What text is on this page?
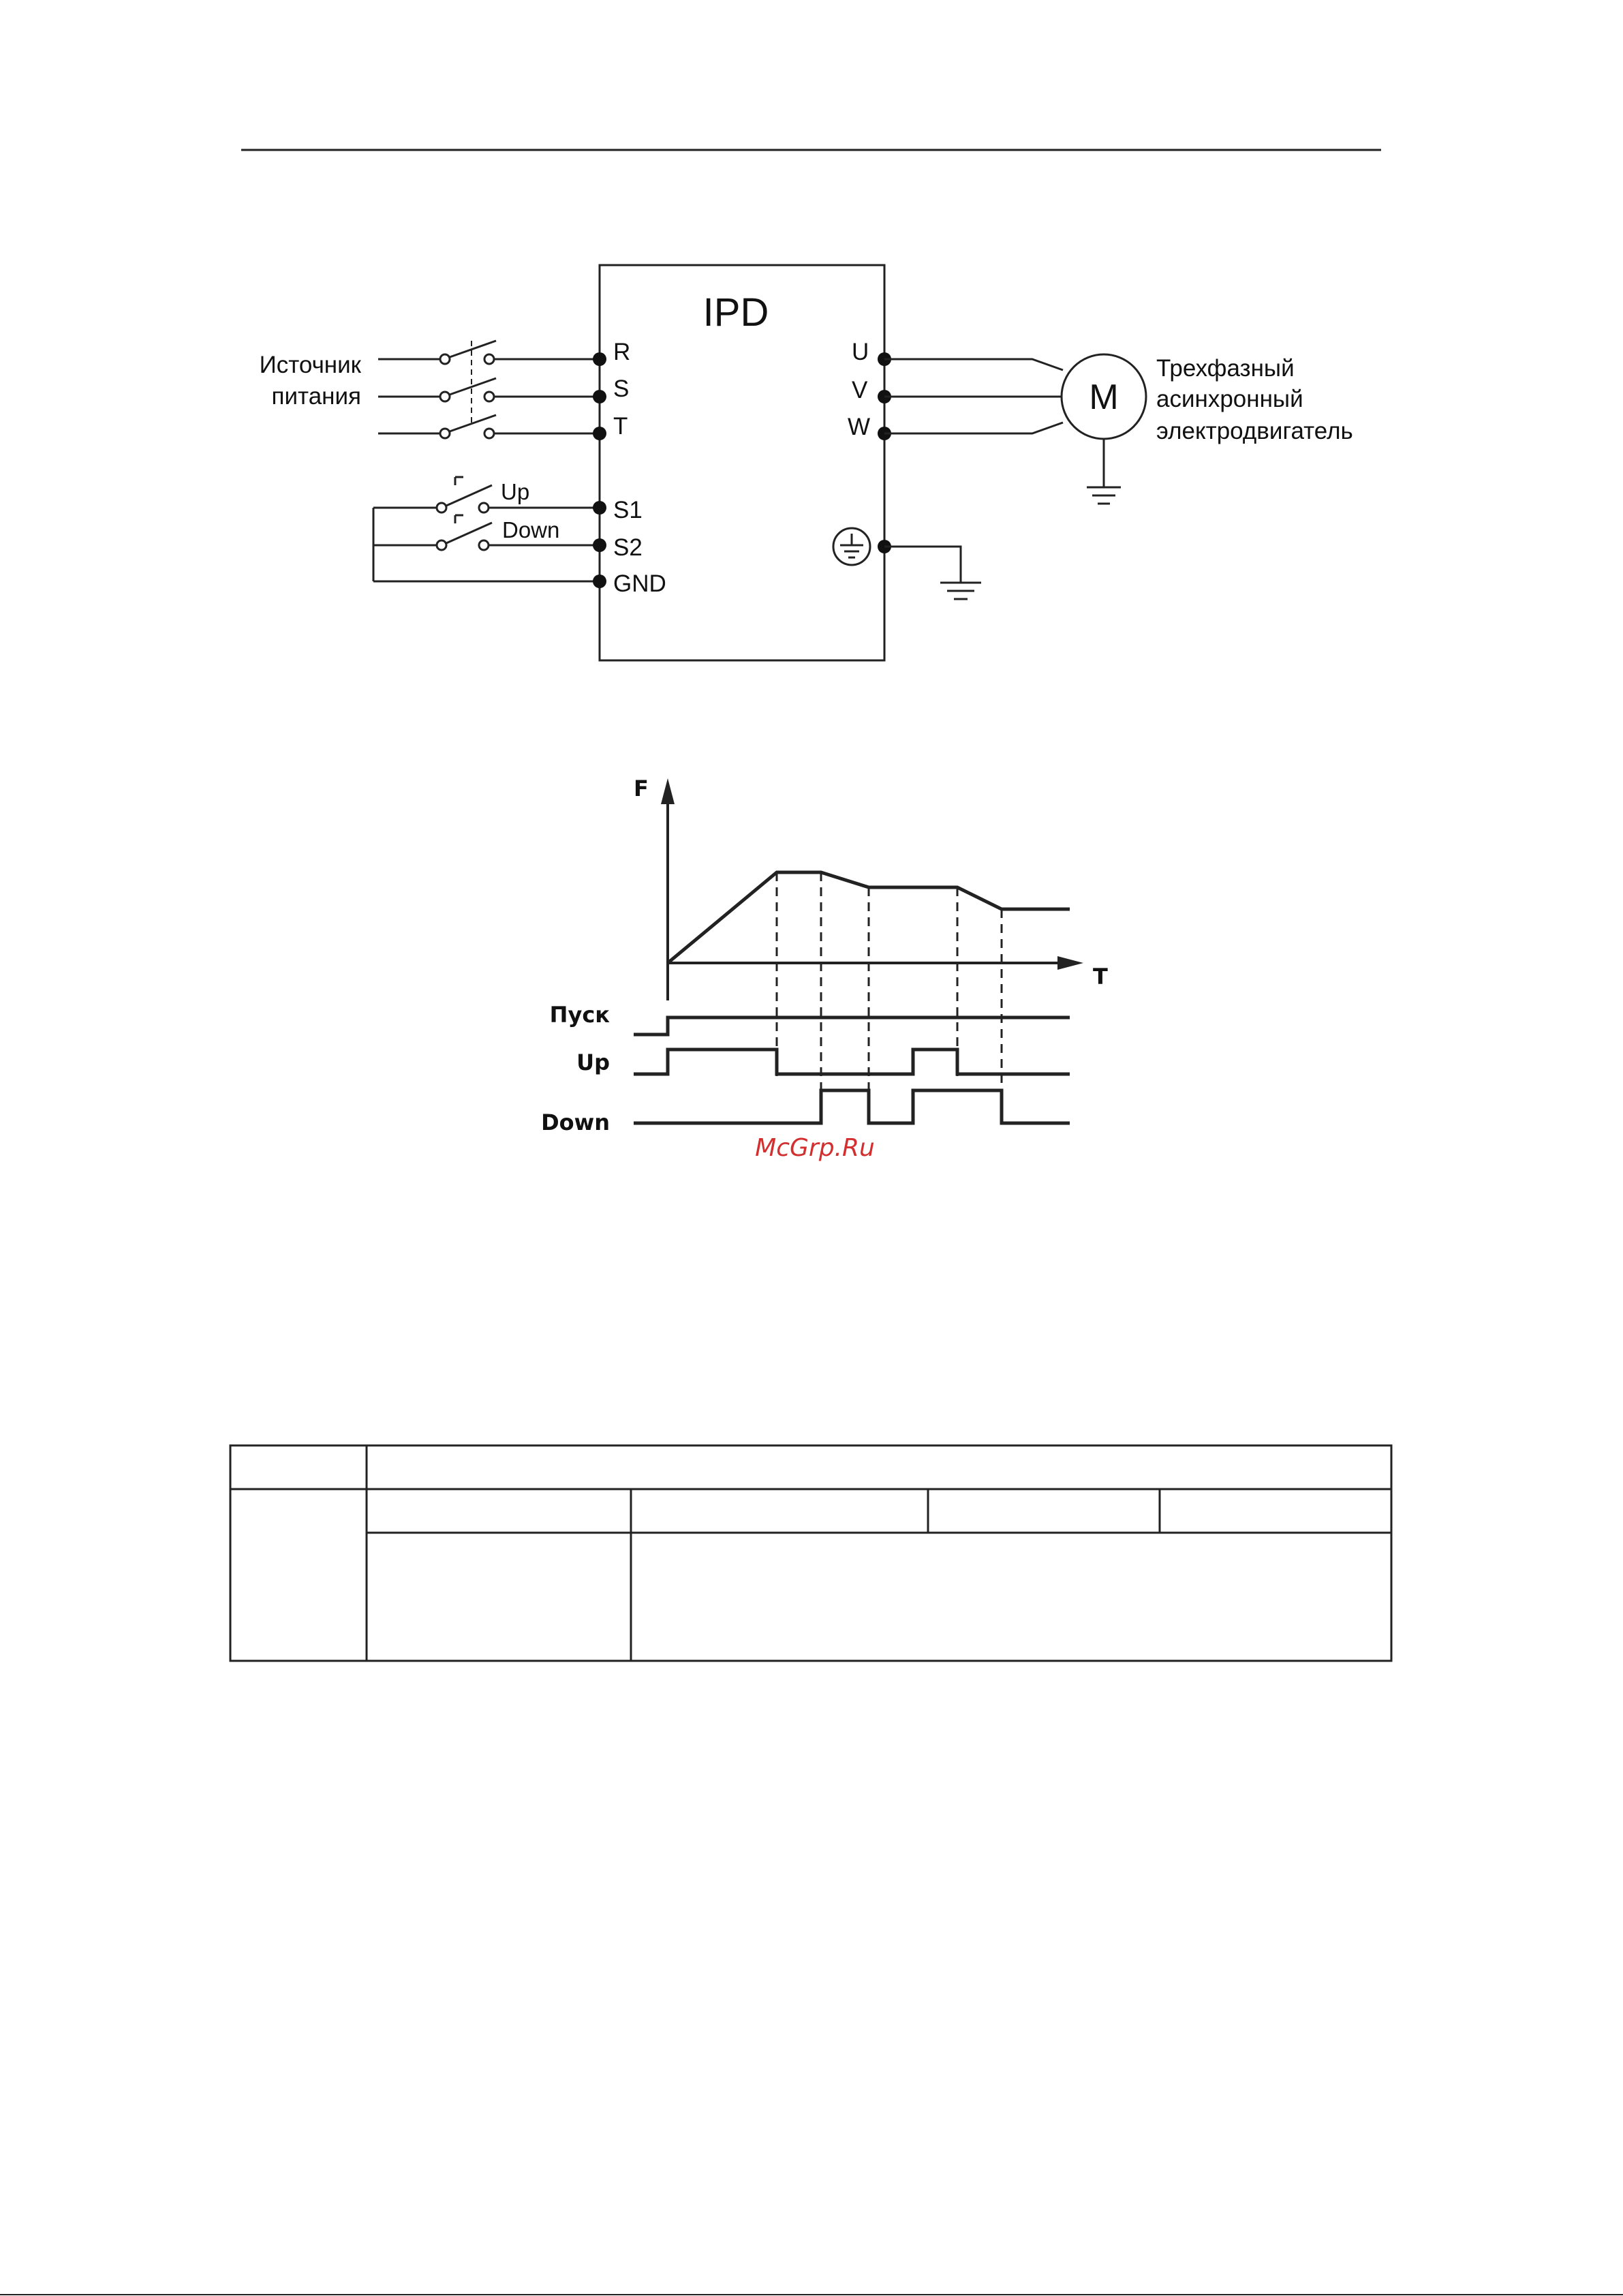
IPD
Источник
питания
R
S
T
Up
Down
S1
S2
GND
U
V
W
M
Трехфазный
асинхронный
электродвигатель
F
T
Пуск
Up
Down
McGrp.Ru
